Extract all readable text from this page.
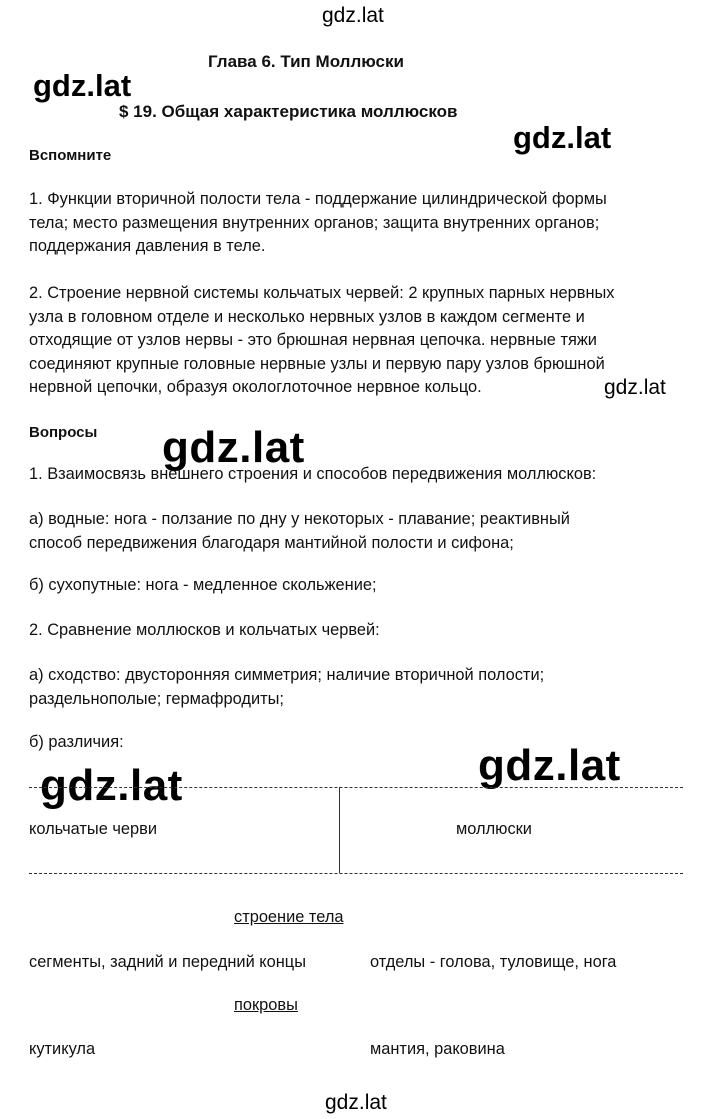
gdz.lat
gdz.lat
gdz.lat
gdz.lat
gdz.lat
gdz.lat	gdz.lat
gdz.lat
Глава 6. Тип Моллюски
$ 19. Общая характеристика моллюсков
Вспомните
1. Функции вторичной полости тела - поддержание цилиндрической формы
тела; место размещения внутренних органов; защита внутренних органов;
поддержания давления в теле.
2. Строение нервной системы кольчатых червей: 2 крупных парных нервных
узла в головном отделе и несколько нервных узлов в каждом сегменте и
отходящие от узлов нервы - это брюшная нервная цепочка. нервные тяжи
соединяют крупные головные нервные узлы и первую пару узлов брюшной
нервной цепочки, образуя окологлоточное нервное кольцо.
Вопросы
1. Взаимосвязь внешнего строения и способов передвижения моллюсков:
а) водные: нога - ползание по дну у некоторых - плавание; реактивный
способ передвижения благодаря мантийной полости и сифона;
б) сухопутные: нога - медленное скольжение;
2. Сравнение моллюсков и кольчатых червей:
а) сходство: двусторонняя симметрия; наличие вторичной полости;
раздельнополые; гермафродиты;
б) различия:
кольчатые черви	моллюски
строение тела
сегменты, задний и передний концы	отделы - голова, туловище, нога
покровы
кутикула	мантия, раковина
